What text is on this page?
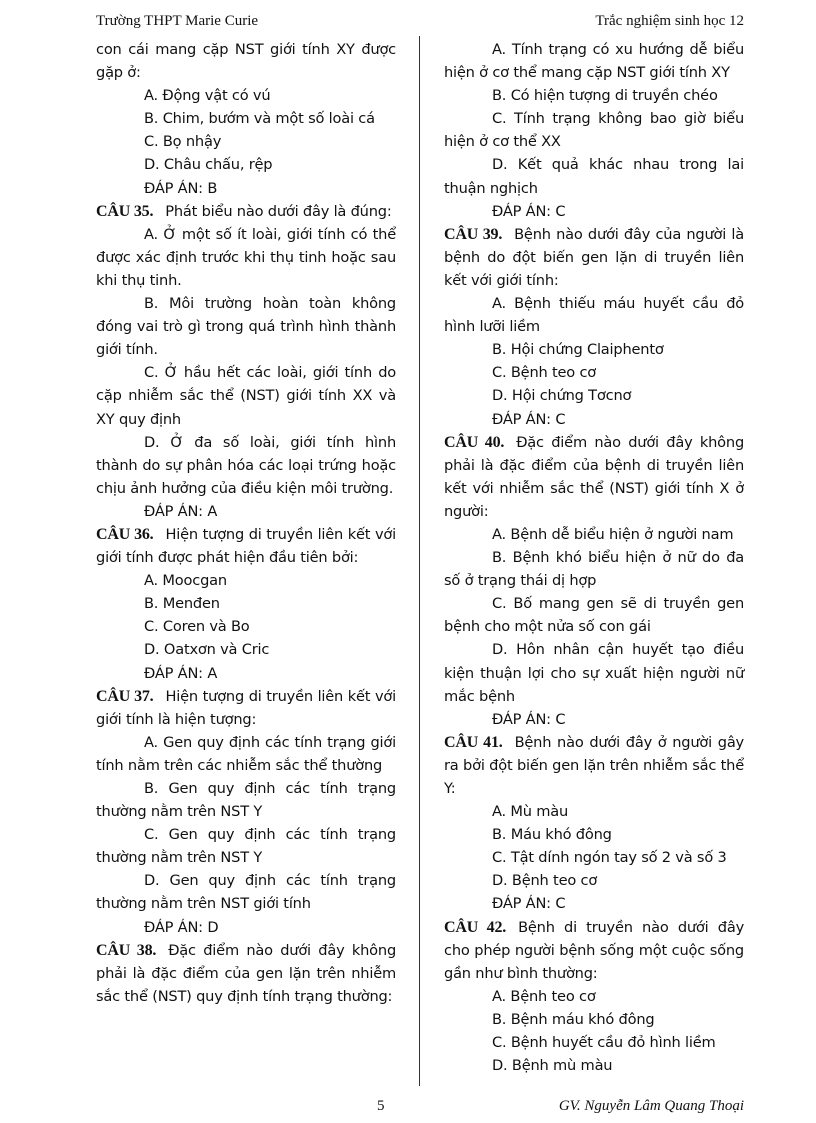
Trường THPT Marie Curie	Trắc nghiệm sinh học 12
con cái mang cặp NST giới tính XY được gặp ở:
A. Động vật có vú
B. Chim, bướm và một số loài cá
C. Bọ nhậy
D. Châu chấu, rệp
ĐÁP ÁN: B
CÂU 35. Phát biểu nào dưới đây là đúng:
A. Ở một số ít loài, giới tính có thể được xác định trước khi thụ tinh hoặc sau khi thụ tinh.
B. Môi trường hoàn toàn không đóng vai trò gì trong quá trình hình thành giới tính.
C. Ở hầu hết các loài, giới tính do cặp nhiễm sắc thể (NST) giới tính XX và XY quy định
D. Ở đa số loài, giới tính hình thành do sự phân hóa các loại trứng hoặc chịu ảnh hưởng của điều kiện môi trường.
ĐÁP ÁN: A
CÂU 36. Hiện tượng di truyền liên kết với giới tính được phát hiện đầu tiên bởi:
A. Moocgan
B. Menđen
C. Coren và Bo
D. Oatxơn và Cric
ĐÁP ÁN: A
CÂU 37. Hiện tượng di truyền liên kết với giới tính là hiện tượng:
A. Gen quy định các tính trạng giới tính nằm trên các nhiễm sắc thể thường
B. Gen quy định các tính trạng thường nằm trên NST Y
C. Gen quy định các tính trạng thường nằm trên NST Y
D. Gen quy định các tính trạng thường nằm trên NST giới tính
ĐÁP ÁN: D
CÂU 38. Đặc điểm nào dưới đây không phải là đặc điểm của gen lặn trên nhiễm sắc thể (NST) quy định tính trạng thường:
A. Tính trạng có xu hướng dễ biểu hiện ở cơ thể mang cặp NST giới tính XY
B. Có hiện tượng di truyền chéo
C. Tính trạng không bao giờ biểu hiện ở cơ thể XX
D. Kết quả khác nhau trong lai thuận nghịch
ĐÁP ÁN: C
CÂU 39. Bệnh nào dưới đây của người là bệnh do đột biến gen lặn di truyền liên kết với giới tính:
A. Bệnh thiếu máu huyết cầu đỏ hình lưỡi liềm
B. Hội chứng Claiphentơ
C. Bệnh teo cơ
D. Hội chứng Tơcnơ
ĐÁP ÁN: C
CÂU 40. Đặc điểm nào dưới đây không phải là đặc điểm của bệnh di truyền liên kết với nhiễm sắc thể (NST) giới tính X ở người:
A. Bệnh dễ biểu hiện ở người nam
B. Bệnh khó biểu hiện ở nữ do đa số ở trạng thái dị hợp
C. Bố mang gen sẽ di truyền gen bệnh cho một nửa số con gái
D. Hôn nhân cận huyết tạo điều kiện thuận lợi cho sự xuất hiện người nữ mắc bệnh
ĐÁP ÁN: C
CÂU 41. Bệnh nào dưới đây ở người gây ra bởi đột biến gen lặn trên nhiễm sắc thể Y:
A. Mù màu
B. Máu khó đông
C. Tật dính ngón tay số 2 và số 3
D. Bệnh teo cơ
ĐÁP ÁN: C
CÂU 42. Bệnh di truyền nào dưới đây cho phép người bệnh sống một cuộc sống gần như bình thường:
A. Bệnh teo cơ
B. Bệnh máu khó đông
C. Bệnh huyết cầu đỏ hình liềm
D. Bệnh mù màu
5	GV. Nguyễn Lâm Quang Thoại
